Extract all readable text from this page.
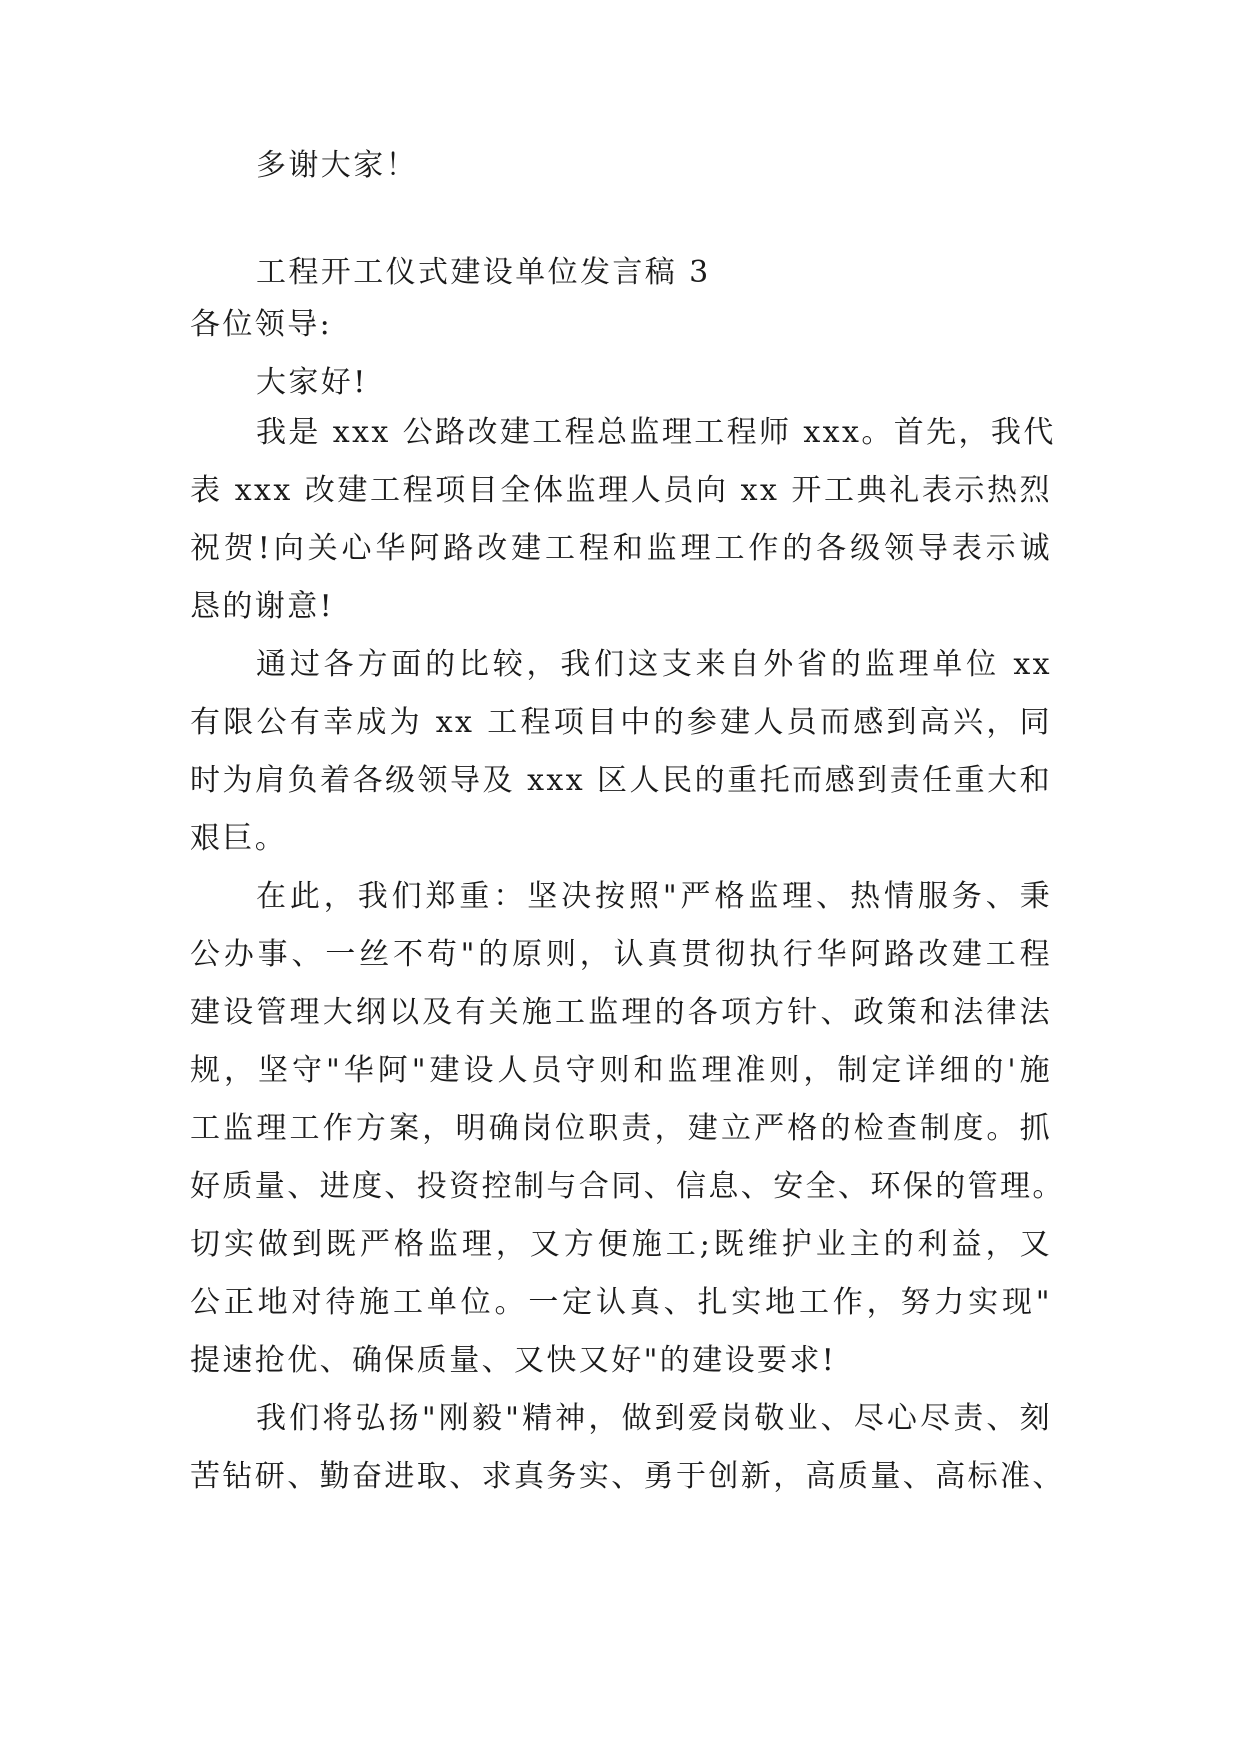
多谢大家！
工程开工仪式建设单位发言稿 3
各位领导:
大家好!
我是 xxx 公路改建工程总监理工程师 xxx。首先，我代
表 xxx 改建工程项目全体监理人员向 xx 开工典礼表示热烈
祝贺!向关心华阿路改建工程和监理工作的各级领导表示诚
恳的谢意!
通过各方面的比较，我们这支来自外省的监理单位 xx
有限公有幸成为 xx 工程项目中的参建人员而感到高兴，同
时为肩负着各级领导及 xxx 区人民的重托而感到责任重大和
艰巨。
在此，我们郑重：坚决按照"严格监理、热情服务、秉
公办事、一丝不苟"的原则，认真贯彻执行华阿路改建工程
建设管理大纲以及有关施工监理的各项方针、政策和法律法
规，坚守"华阿"建设人员守则和监理准则，制定详细的'施
工监理工作方案，明确岗位职责，建立严格的检查制度。抓
好质量、进度、投资控制与合同、信息、安全、环保的管理。
切实做到既严格监理，又方便施工;既维护业主的利益，又
公正地对待施工单位。一定认真、扎实地工作，努力实现"
提速抢优、确保质量、又快又好"的建设要求!
我们将弘扬"刚毅"精神，做到爱岗敬业、尽心尽责、刻
苦钻研、勤奋进取、求真务实、勇于创新，高质量、高标准、
